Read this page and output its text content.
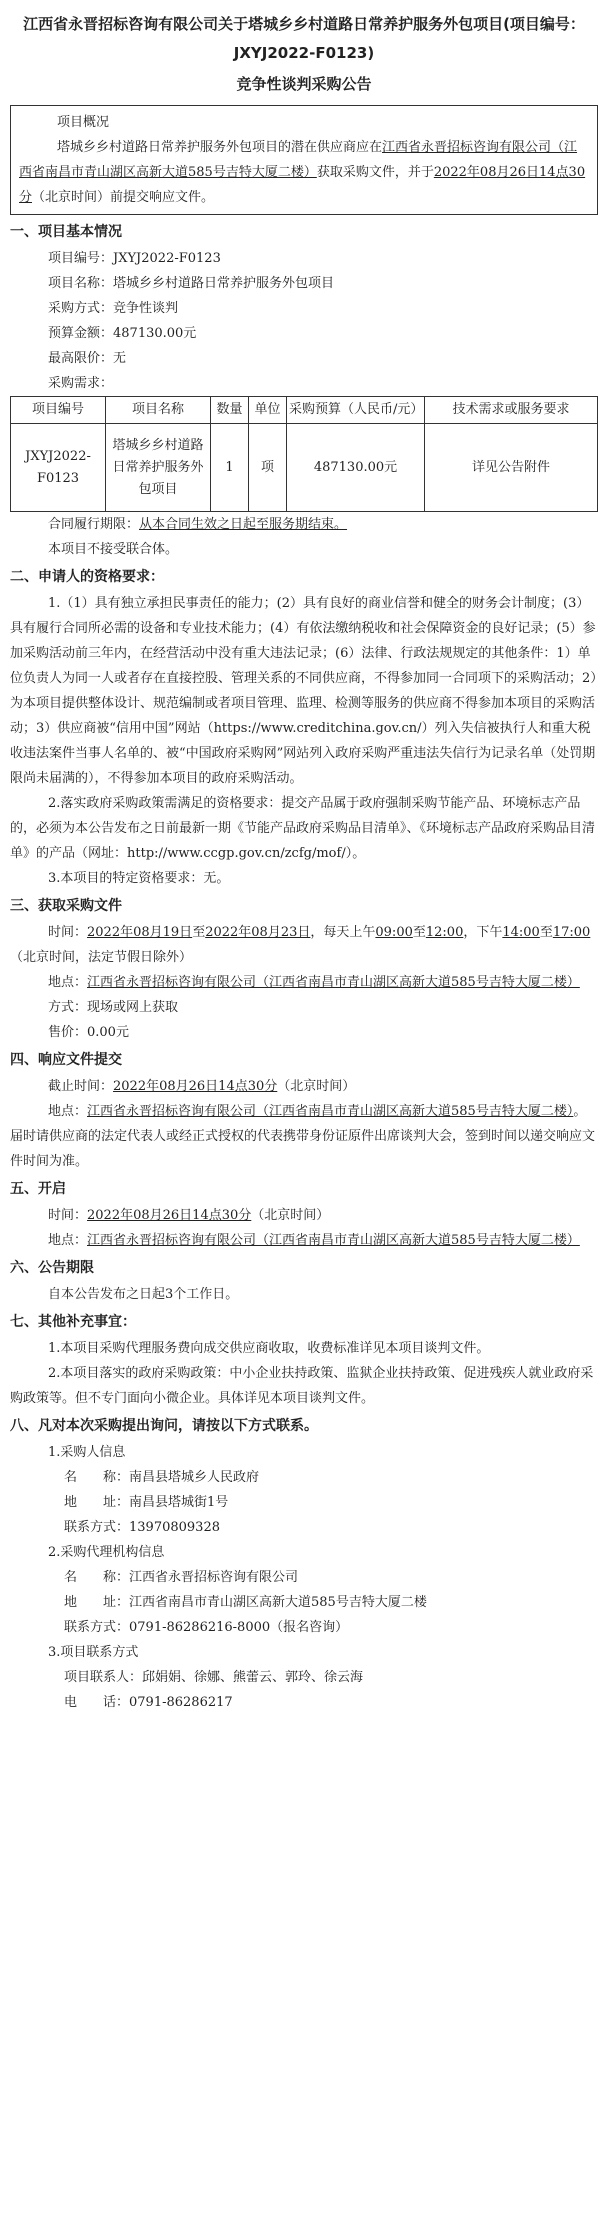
江西省永晋招标咨询有限公司关于塔城乡乡村道路日常养护服务外包项目(项目编号：JXYJ2022-F0123)
竞争性谈判采购公告

项目概况

塔城乡乡村道路日常养护服务外包项目的潜在供应商应在江西省永晋招标咨询有限公司（江西省南昌市青山湖区高新大道585号吉特大厦二楼）获取采购文件，并于2022年08月26日14点30分（北京时间）前提交响应文件。

一、项目基本情况

项目编号：JXYJ2022-F0123

项目名称：塔城乡乡村道路日常养护服务外包项目

采购方式：竞争性谈判

预算金额：487130.00元

最高限价：无

采购需求：

项目编号	项目名称	数量	单位	采购预算（人民币/元）	技术需求或服务要求
JXYJ2022-F0123	塔城乡乡村道路日常养护服务外包项目	1	项	487130.00元	详见公告附件

合同履行期限：从本合同生效之日起至服务期结束。

本项目不接受联合体。

二、申请人的资格要求：

1.（1）具有独立承担民事责任的能力；(2）具有良好的商业信誉和健全的财务会计制度；(3）具有履行合同所必需的设备和专业技术能力；(4）有依法缴纳税收和社会保障资金的良好记录；(5）参加采购活动前三年内，在经营活动中没有重大违法记录；(6）法律、行政法规规定的其他条件：1）单位负责人为同一人或者存在直接控股、管理关系的不同供应商，不得参加同一合同项下的采购活动；2）为本项目提供整体设计、规范编制或者项目管理、监理、检测等服务的供应商不得参加本项目的采购活动；3）供应商被“信用中国”网站（https://www.creditchina.gov.cn/）列入失信被执行人和重大税收违法案件当事人名单的、被“中国政府采购网”网站列入政府采购严重违法失信行为记录名单（处罚期限尚未届满的），不得参加本项目的政府采购活动。

2.落实政府采购政策需满足的资格要求：提交产品属于政府强制采购节能产品、环境标志产品的，必须为本公告发布之日前最新一期《节能产品政府采购品目清单》、《环境标志产品政府采购品目清单》的产品（网址：http://www.ccgp.gov.cn/zcfg/mof/）。

3.本项目的特定资格要求：无。

三、获取采购文件

时间：2022年08月19日至2022年08月23日，每天上午09:00至12:00，下午14:00至17:00（北京时间，法定节假日除外）

地点：江西省永晋招标咨询有限公司（江西省南昌市青山湖区高新大道585号吉特大厦二楼）

方式：现场或网上获取

售价：0.00元

四、响应文件提交

截止时间：2022年08月26日14点30分（北京时间）

地点：江西省永晋招标咨询有限公司（江西省南昌市青山湖区高新大道585号吉特大厦二楼）。届时请供应商的法定代表人或经正式授权的代表携带身份证原件出席谈判大会，签到时间以递交响应文件时间为准。

五、开启

时间：2022年08月26日14点30分（北京时间）

地点：江西省永晋招标咨询有限公司（江西省南昌市青山湖区高新大道585号吉特大厦二楼）

六、公告期限

自本公告发布之日起3个工作日。

七、其他补充事宜：

1.本项目采购代理服务费向成交供应商收取，收费标准详见本项目谈判文件。

2.本项目落实的政府采购政策：中小企业扶持政策、监狱企业扶持政策、促进残疾人就业政府采购政策等。但不专门面向小微企业。具体详见本项目谈判文件。

八、凡对本次采购提出询问，请按以下方式联系。

1.采购人信息

名　　称：南昌县塔城乡人民政府

地　　址：南昌县塔城街1号

联系方式：13970809328

2.采购代理机构信息

名　　称：江西省永晋招标咨询有限公司

地　　址：江西省南昌市青山湖区高新大道585号吉特大厦二楼

联系方式：0791-86286216-8000（报名咨询）

3.项目联系方式

项目联系人：邱娟娟、徐娜、熊蕾云、郭玲、徐云海

电　　话：0791-86286217
